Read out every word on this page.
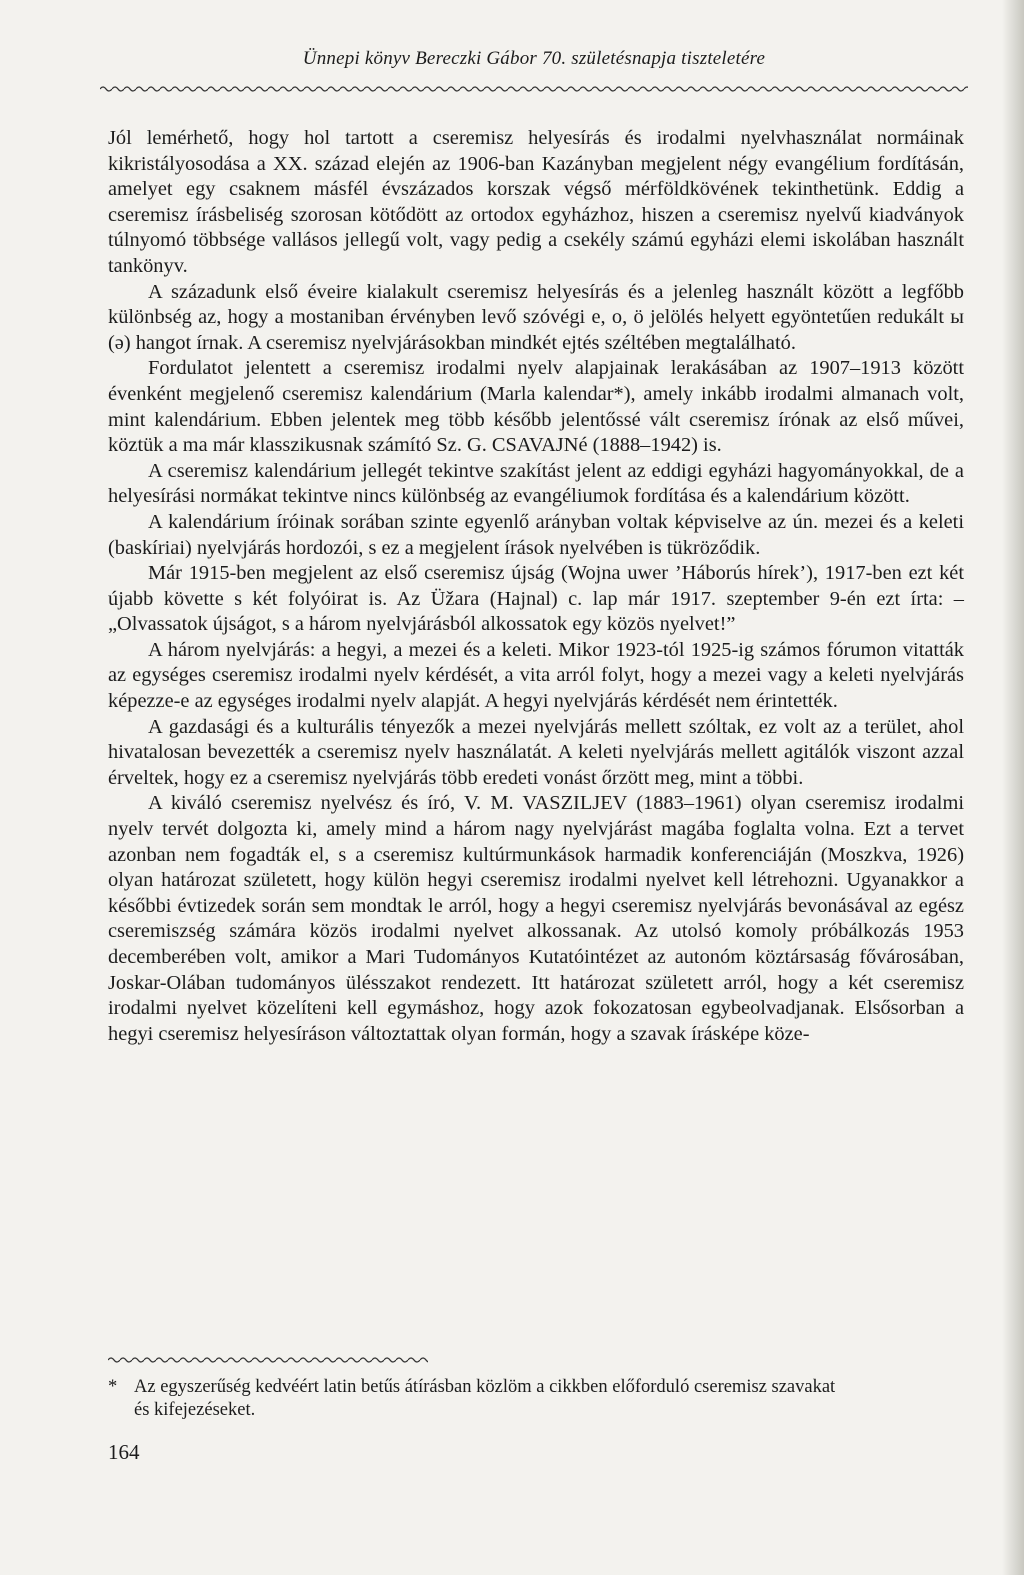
Ünnepi könyv Bereczki Gábor 70. születésnapja tiszteletére

Jól lemérhető, hogy hol tartott a cseremisz helyesírás és irodalmi nyelvhasználat normáinak kikristályosodása a XX. század elején az 1906-ban Kazányban megjelent négy evangélium fordításán, amelyet egy csaknem másfél évszázados korszak végső mérföldkövének tekinthetünk. Eddig a cseremisz írásbeliség szorosan kötődött az ortodox egyházhoz, hiszen a cseremisz nyelvű kiadványok túlnyomó többsége vallásos jellegű volt, vagy pedig a csekély számú egyházi elemi iskolában használt tankönyv.

A századunk első éveire kialakult cseremisz helyesírás és a jelenleg használt között a legfőbb különbség az, hogy a mostaniban érvényben levő szóvégi e, o, ö jelölés helyett egyöntetűen redukált ы (ə) hangot írnak. A cseremisz nyelvjárásokban mindkét ejtés széltében megtalálható.

Fordulatot jelentett a cseremisz irodalmi nyelv alapjainak lerakásában az 1907–1913 között évenként megjelenő cseremisz kalendárium (Marla kalendar*), amely inkább irodalmi almanach volt, mint kalendárium. Ebben jelentek meg több később jelentőssé vált cseremisz írónak az első művei, köztük a ma már klasszikusnak számító Sz. G. CSAVAJNé (1888–1942) is.

A cseremisz kalendárium jellegét tekintve szakítást jelent az eddigi egyházi hagyományokkal, de a helyesírási normákat tekintve nincs különbség az evangéliumok fordítása és a kalendárium között.

A kalendárium íróinak sorában szinte egyenlő arányban voltak képviselve az ún. mezei és a keleti (baskíriai) nyelvjárás hordozói, s ez a megjelent írások nyelvében is tükröződik.

Már 1915-ben megjelent az első cseremisz újság (Wojna uwer ’Háborús hírek’), 1917-ben ezt két újabb követte s két folyóirat is. Az Üžara (Hajnal) c. lap már 1917. szeptember 9-én ezt írta: – „Olvassatok újságot, s a három nyelvjárásból alkossatok egy közös nyelvet!”

A három nyelvjárás: a hegyi, a mezei és a keleti. Mikor 1923-tól 1925-ig számos fórumon vitatták az egységes cseremisz irodalmi nyelv kérdését, a vita arról folyt, hogy a mezei vagy a keleti nyelvjárás képezze-e az egységes irodalmi nyelv alapját. A hegyi nyelvjárás kérdését nem érintették.

A gazdasági és a kulturális tényezők a mezei nyelvjárás mellett szóltak, ez volt az a terület, ahol hivatalosan bevezették a cseremisz nyelv használatát. A keleti nyelvjárás mellett agitálók viszont azzal érveltek, hogy ez a cseremisz nyelvjárás több eredeti vonást őrzött meg, mint a többi.

A kiváló cseremisz nyelvész és író, V. M. VASZILJEV (1883–1961) olyan cseremisz irodalmi nyelv tervét dolgozta ki, amely mind a három nagy nyelvjárást magába foglalta volna. Ezt a tervet azonban nem fogadták el, s a cseremisz kultúrmunkások harmadik konferenciáján (Moszkva, 1926) olyan határozat született, hogy külön hegyi cseremisz irodalmi nyelvet kell létrehozni. Ugyanakkor a későbbi évtizedek során sem mondtak le arról, hogy a hegyi cseremisz nyelvjárás bevonásával az egész cseremiszség számára közös irodalmi nyelvet alkossanak. Az utolsó komoly próbálkozás 1953 decemberében volt, amikor a Mari Tudományos Kutatóintézet az autonóm köztársaság fővárosában, Joskar-Olában tudományos ülésszakot rendezett. Itt határozat született arról, hogy a két cseremisz irodalmi nyelvet közelíteni kell egymáshoz, hogy azok fokozatosan egybeolvadjanak. Elsősorban a hegyi cseremisz helyesíráson változtattak olyan formán, hogy a szavak írásképe köze-

* Az egyszerűség kedvéért latin betűs átírásban közlöm a cikkben előforduló cseremisz szavakat
és kifejezéseket.
164
